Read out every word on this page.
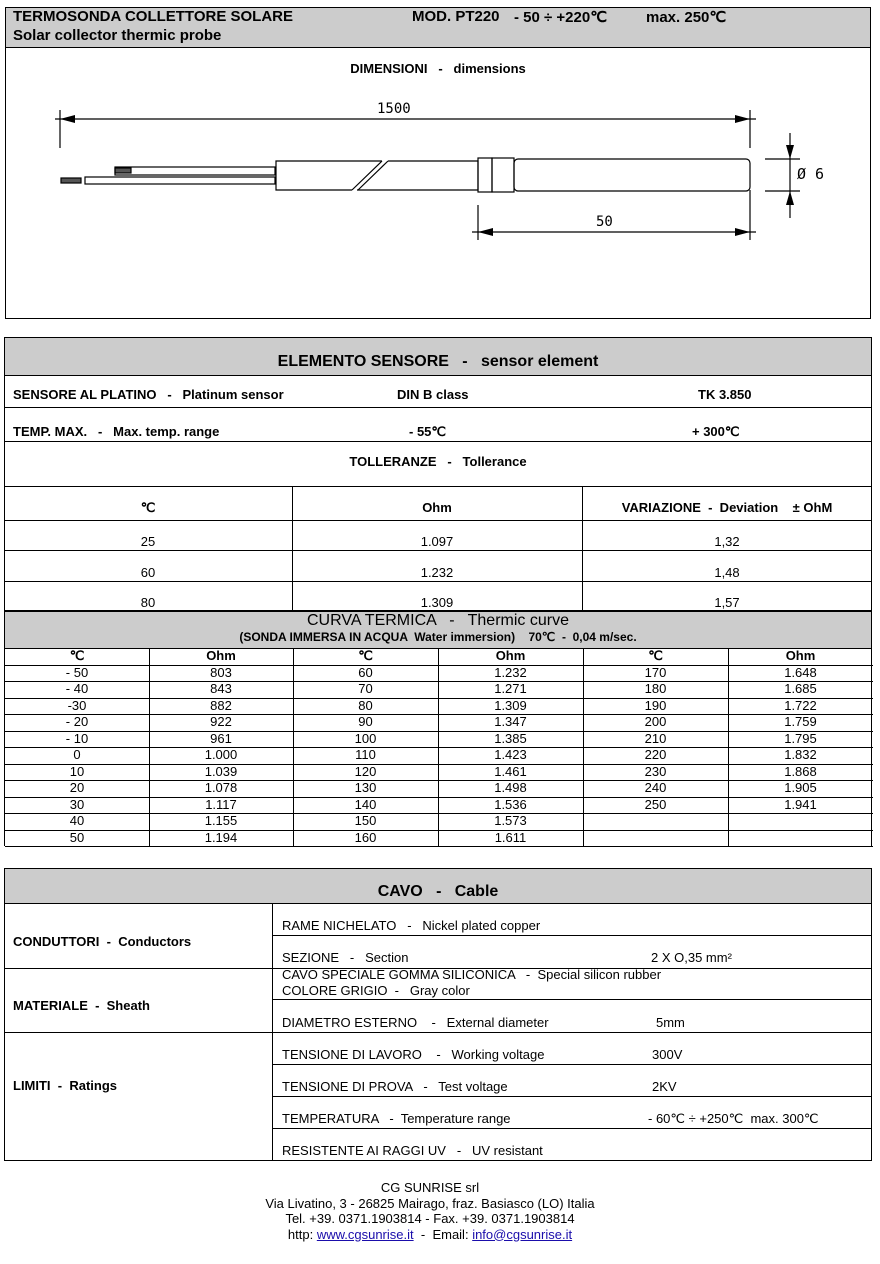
TERMOSONDA COLLETTORE SOLARE	MOD. PT220 - 50 ÷ +220℃	max. 250℃
Solar collector thermic probe
DIMENSIONI   -   dimensions
1500
50
Ø 6
ELEMENTO SENSORE   -   sensor element
SENSORE AL PLATINO   -   Platinum sensor	DIN B class	TK 3.850
TEMP. MAX.   -   Max. temp. range	- 55℃	+ 300℃
TOLLERANZE   -   Tollerance
℃	Ohm	VARIAZIONE  -  Deviation    ± OhM
25	1.097	1,32
60	1.232	1,48
80	1.309	1,57
CURVA TERMICA   -   Thermic curve
(SONDA IMMERSA IN ACQUA  Water immersion)    70℃  -  0,04 m/sec.
℃	Ohm	℃	Ohm	℃	Ohm
- 50	803	60	1.232	170	1.648
- 40	843	70	1.271	180	1.685
-30	882	80	1.309	190	1.722
- 20	922	90	1.347	200	1.759
- 10	961	100	1.385	210	1.795
0	1.000	110	1.423	220	1.832
10	1.039	120	1.461	230	1.868
20	1.078	130	1.498	240	1.905
30	1.117	140	1.536	250	1.941
40	1.155	150	1.573
50	1.194	160	1.611
CAVO   -   Cable
CONDUTTORI  -  Conductors
RAME NICHELATO   -   Nickel plated copper
SEZIONE   -   Section	2 X O,35 mm²
MATERIALE  -  Sheath
CAVO SPECIALE GOMMA SILICONICA   -  Special silicon rubber
COLORE GRIGIO  -   Gray color
DIAMETRO ESTERNO    -   External diameter	5mm
LIMITI  -  Ratings
TENSIONE DI LAVORO    -   Working voltage	300V
TENSIONE DI PROVA   -   Test voltage	2KV
TEMPERATURA   -  Temperature range	- 60℃ ÷ +250℃  max. 300℃
RESISTENTE AI RAGGI UV   -   UV resistant
CG SUNRISE srl
Via Livatino, 3 - 26825 Mairago, fraz. Basiasco (LO) Italia
Tel. +39. 0371.1903814 - Fax. +39. 0371.1903814
http: www.cgsunrise.it  -  Email: info@cgsunrise.it
